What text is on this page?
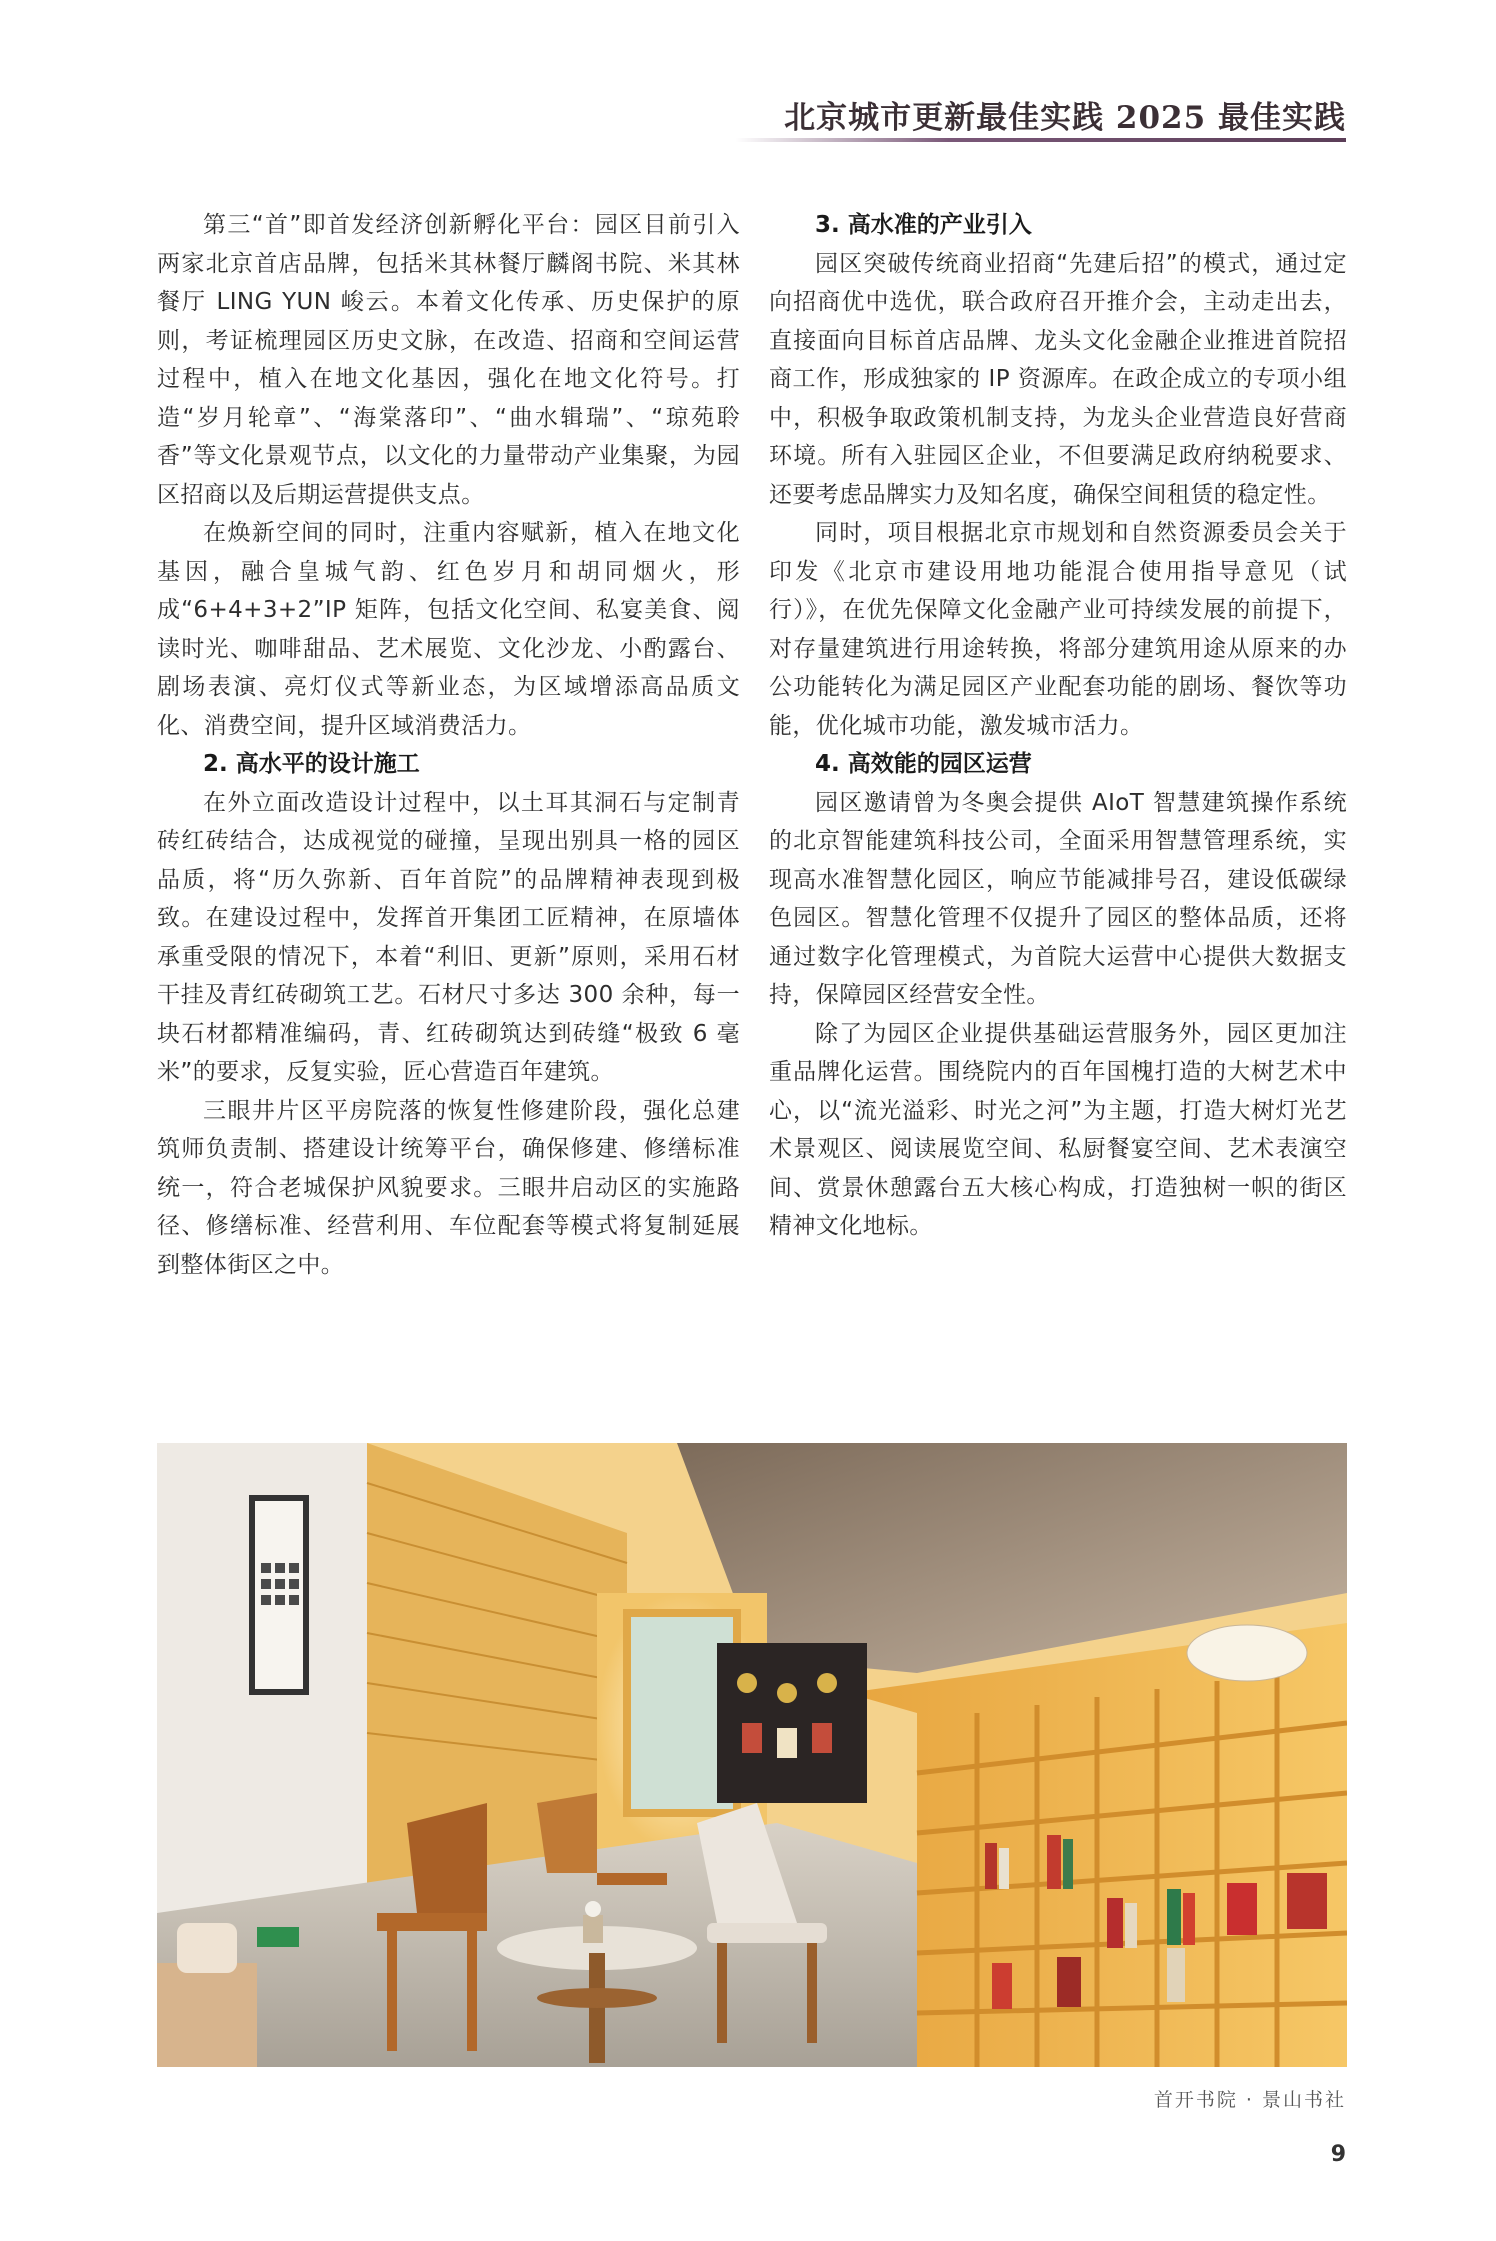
北京城市更新最佳实践 2025 最佳实践

第三“首”即首发经济创新孵化平台：园区目前引入两家北京首店品牌，包括米其林餐厅麟阁书院、米其林餐厅 LING YUN 峻云。本着文化传承、历史保护的原则，考证梳理园区历史文脉，在改造、招商和空间运营过程中，植入在地文化基因，强化在地文化符号。打造“岁月轮章”、“海棠落印”、“曲水辑瑞”、“琼苑聆香”等文化景观节点，以文化的力量带动产业集聚，为园区招商以及后期运营提供支点。

在焕新空间的同时，注重内容赋新，植入在地文化基因，融合皇城气韵、红色岁月和胡同烟火，形成“6+4+3+2”IP 矩阵，包括文化空间、私宴美食、阅读时光、咖啡甜品、艺术展览、文化沙龙、小酌露台、剧场表演、亮灯仪式等新业态，为区域增添高品质文化、消费空间，提升区域消费活力。

2. 高水平的设计施工

在外立面改造设计过程中，以土耳其洞石与定制青砖红砖结合，达成视觉的碰撞，呈现出别具一格的园区品质，将“历久弥新、百年首院”的品牌精神表现到极致。在建设过程中，发挥首开集团工匠精神，在原墙体承重受限的情况下，本着“利旧、更新”原则，采用石材干挂及青红砖砌筑工艺。石材尺寸多达 300 余种，每一块石材都精准编码，青、红砖砌筑达到砖缝“极致 6 毫米”的要求，反复实验，匠心营造百年建筑。

三眼井片区平房院落的恢复性修建阶段，强化总建筑师负责制、搭建设计统筹平台，确保修建、修缮标准统一，符合老城保护风貌要求。三眼井启动区的实施路径、修缮标准、经营利用、车位配套等模式将复制延展到整体街区之中。

3. 高水准的产业引入

园区突破传统商业招商“先建后招”的模式，通过定向招商优中选优，联合政府召开推介会，主动走出去，直接面向目标首店品牌、龙头文化金融企业推进首院招商工作，形成独家的 IP 资源库。在政企成立的专项小组中，积极争取政策机制支持，为龙头企业营造良好营商环境。所有入驻园区企业，不但要满足政府纳税要求、还要考虑品牌实力及知名度，确保空间租赁的稳定性。

同时，项目根据北京市规划和自然资源委员会关于印发《北京市建设用地功能混合使用指导意见（试行）》，在优先保障文化金融产业可持续发展的前提下，对存量建筑进行用途转换，将部分建筑用途从原来的办公功能转化为满足园区产业配套功能的剧场、餐饮等功能，优化城市功能，激发城市活力。

4. 高效能的园区运营

园区邀请曾为冬奥会提供 AIoT 智慧建筑操作系统的北京智能建筑科技公司，全面采用智慧管理系统，实现高水准智慧化园区，响应节能减排号召，建设低碳绿色园区。智慧化管理不仅提升了园区的整体品质，还将通过数字化管理模式，为首院大运营中心提供大数据支持，保障园区经营安全性。

除了为园区企业提供基础运营服务外，园区更加注重品牌化运营。围绕院内的百年国槐打造的大树艺术中心，以“流光溢彩、时光之河”为主题，打造大树灯光艺术景观区、阅读展览空间、私厨餐宴空间、艺术表演空间、赏景休憩露台五大核心构成，打造独树一帜的街区精神文化地标。

首开书院 · 景山书社
9
